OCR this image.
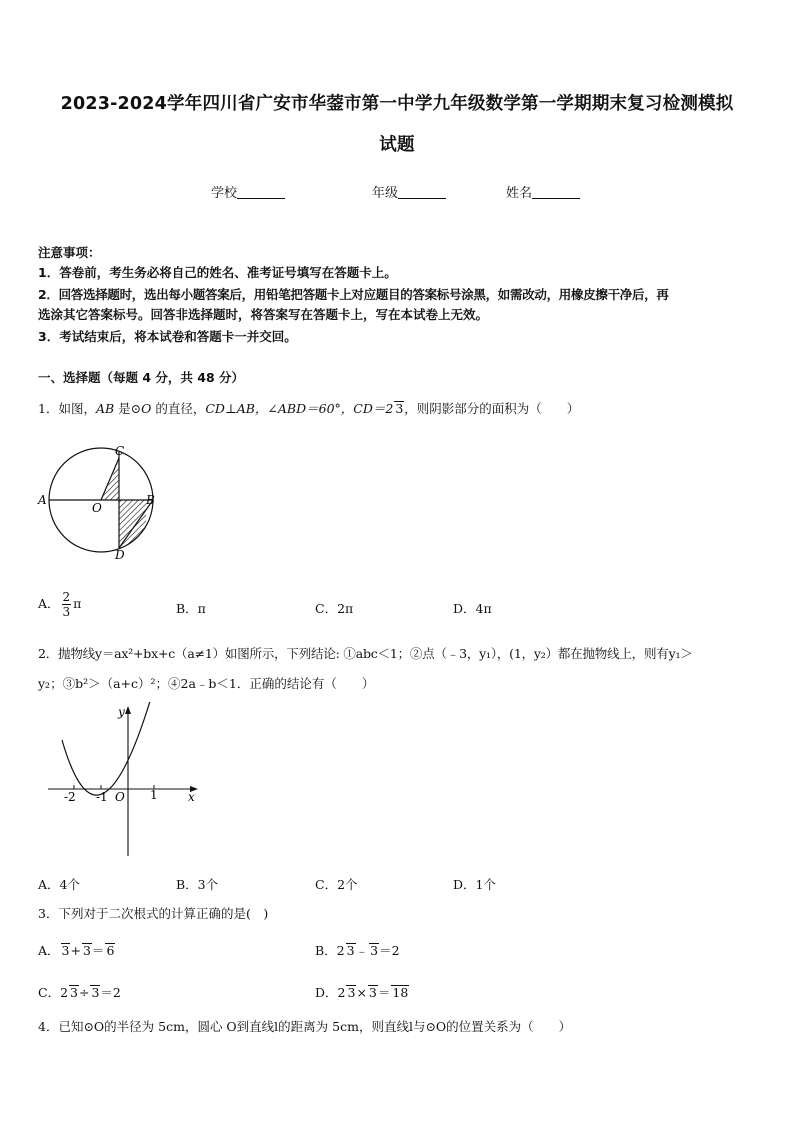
2023-2024学年四川省广安市华蓥市第一中学九年级数学第一学期期末复习检测模拟
试题
学校	年级	姓名
注意事项：
1．答卷前，考生务必将自己的姓名、准考证号填写在答题卡上。
2．回答选择题时，选出每小题答案后，用铅笔把答题卡上对应题目的答案标号涂黑，如需改动，用橡皮擦干净后，再
选涂其它答案标号。回答非选择题时，将答案写在答题卡上，写在本试卷上无效。
3．考试结束后，将本试卷和答题卡一并交回。
一、选择题（每题 4 分，共 48 分）
1．如图，AB 是⊙O 的直径，CD⊥AB，∠ABD＝60°，CD＝2 3，则阴影部分的面积为（　　）
A	B
C
D
O
A． $\frac{2}{3}$ π	B．π	C．2π	D．4π
2．抛物线y＝ax²+bx+c（a≠1）如图所示，下列结论: ①abc＜1；②点（﹣3，y₁），(1，y₂）都在抛物线上，则有y₁＞
y₂；③b²＞（a+c）²；④2a﹣b＜1．正确的结论有（　　）
y
x
-2 -1 O 1
A．4个	B．3个	C．2个	D．1个
3．下列对于二次根式的计算正确的是(　)
A． 3+ 3＝ 6	B．2 3﹣ 3＝2
C．2 3÷ 3＝2	D．2 3× 3＝ 18
4．已知⊙O的半径为 5cm，圆心 O到直线l的距离为 5cm，则直线l与⊙O的位置关系为（　　）
